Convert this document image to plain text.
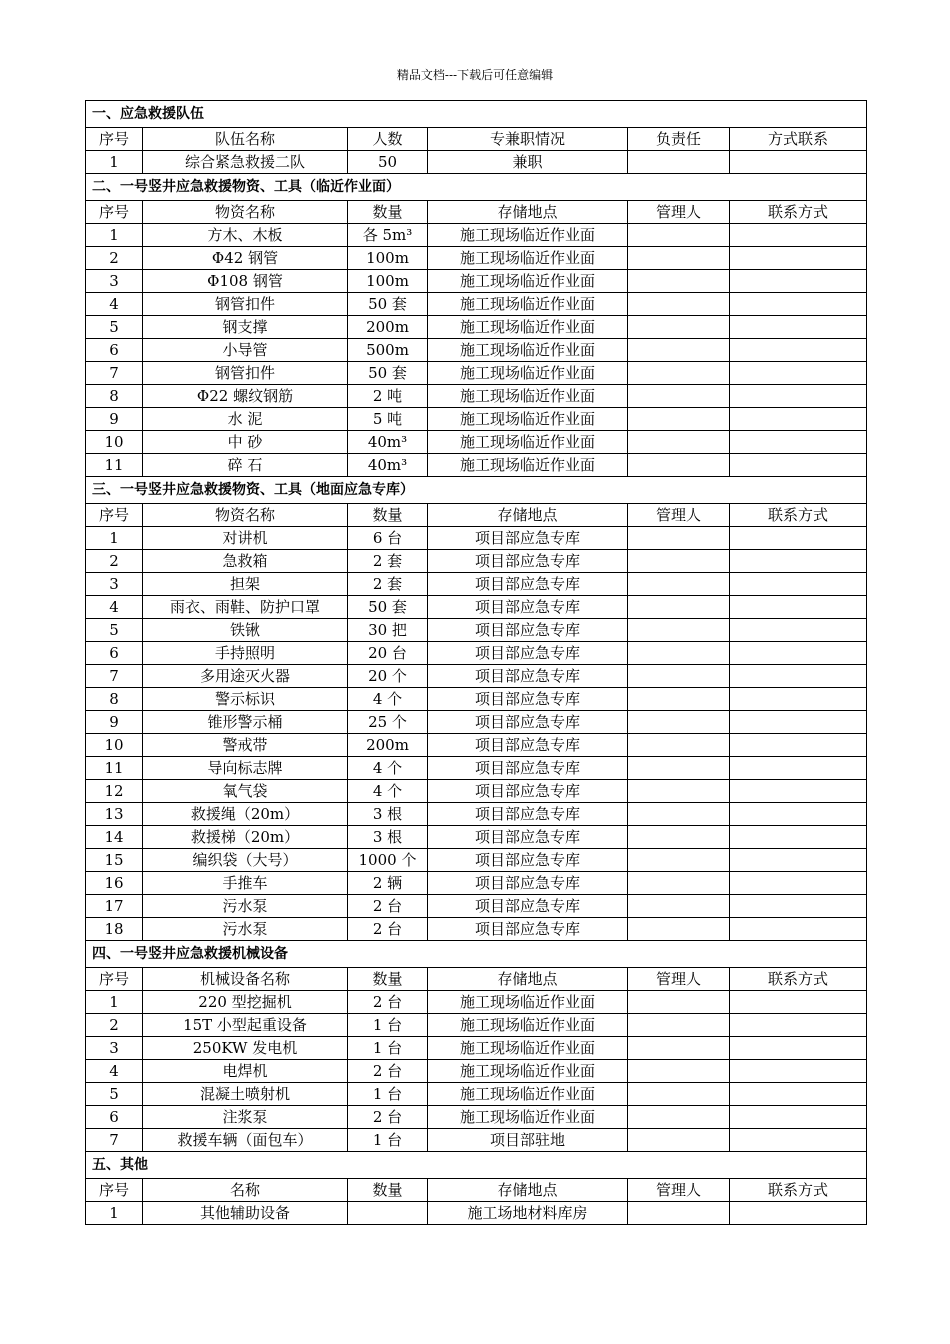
精品文档---下载后可任意编辑
一、应急救援队伍					
序号	队伍名称	人数	专兼职情况	负责任	方式联系
1	综合紧急救援二队	50	兼职		
二、一号竖井应急救援物资、工具（临近作业面）					
序号	物资名称	数量	存储地点	管理人	联系方式
1	方木、木板	各 5m³	施工现场临近作业面		
2	Φ42 钢管	100m	施工现场临近作业面		
3	Φ108 钢管	100m	施工现场临近作业面		
4	钢管扣件	50 套	施工现场临近作业面		
5	钢支撑	200m	施工现场临近作业面		
6	小导管	500m	施工现场临近作业面		
7	钢管扣件	50 套	施工现场临近作业面		
8	Φ22 螺纹钢筋	2 吨	施工现场临近作业面		
9	水 泥	5 吨	施工现场临近作业面		
10	中 砂	40m³	施工现场临近作业面		
11	碎 石	40m³	施工现场临近作业面		
三、一号竖井应急救援物资、工具（地面应急专库）					
序号	物资名称	数量	存储地点	管理人	联系方式
1	对讲机	6 台	项目部应急专库		
2	急救箱	2 套	项目部应急专库		
3	担架	2 套	项目部应急专库		
4	雨衣、雨鞋、防护口罩	50 套	项目部应急专库		
5	铁锹	30 把	项目部应急专库		
6	手持照明	20 台	项目部应急专库		
7	多用途灭火器	20 个	项目部应急专库		
8	警示标识	4 个	项目部应急专库		
9	锥形警示桶	25 个	项目部应急专库		
10	警戒带	200m	项目部应急专库		
11	导向标志牌	4 个	项目部应急专库		
12	氧气袋	4 个	项目部应急专库		
13	救援绳（20m）	3 根	项目部应急专库		
14	救援梯（20m）	3 根	项目部应急专库		
15	编织袋（大号）	1000 个	项目部应急专库		
16	手推车	2 辆	项目部应急专库		
17	污水泵	2 台	项目部应急专库		
18	污水泵	2 台	项目部应急专库		
四、一号竖井应急救援机械设备					
序号	机械设备名称	数量	存储地点	管理人	联系方式
1	220 型挖掘机	2 台	施工现场临近作业面		
2	15T 小型起重设备	1 台	施工现场临近作业面		
3	250KW 发电机	1 台	施工现场临近作业面		
4	电焊机	2 台	施工现场临近作业面		
5	混凝土喷射机	1 台	施工现场临近作业面		
6	注浆泵	2 台	施工现场临近作业面		
7	救援车辆（面包车）	1 台	项目部驻地		
五、其他					
序号	名称	数量	存储地点	管理人	联系方式
1	其他辅助设备		施工场地材料库房		
